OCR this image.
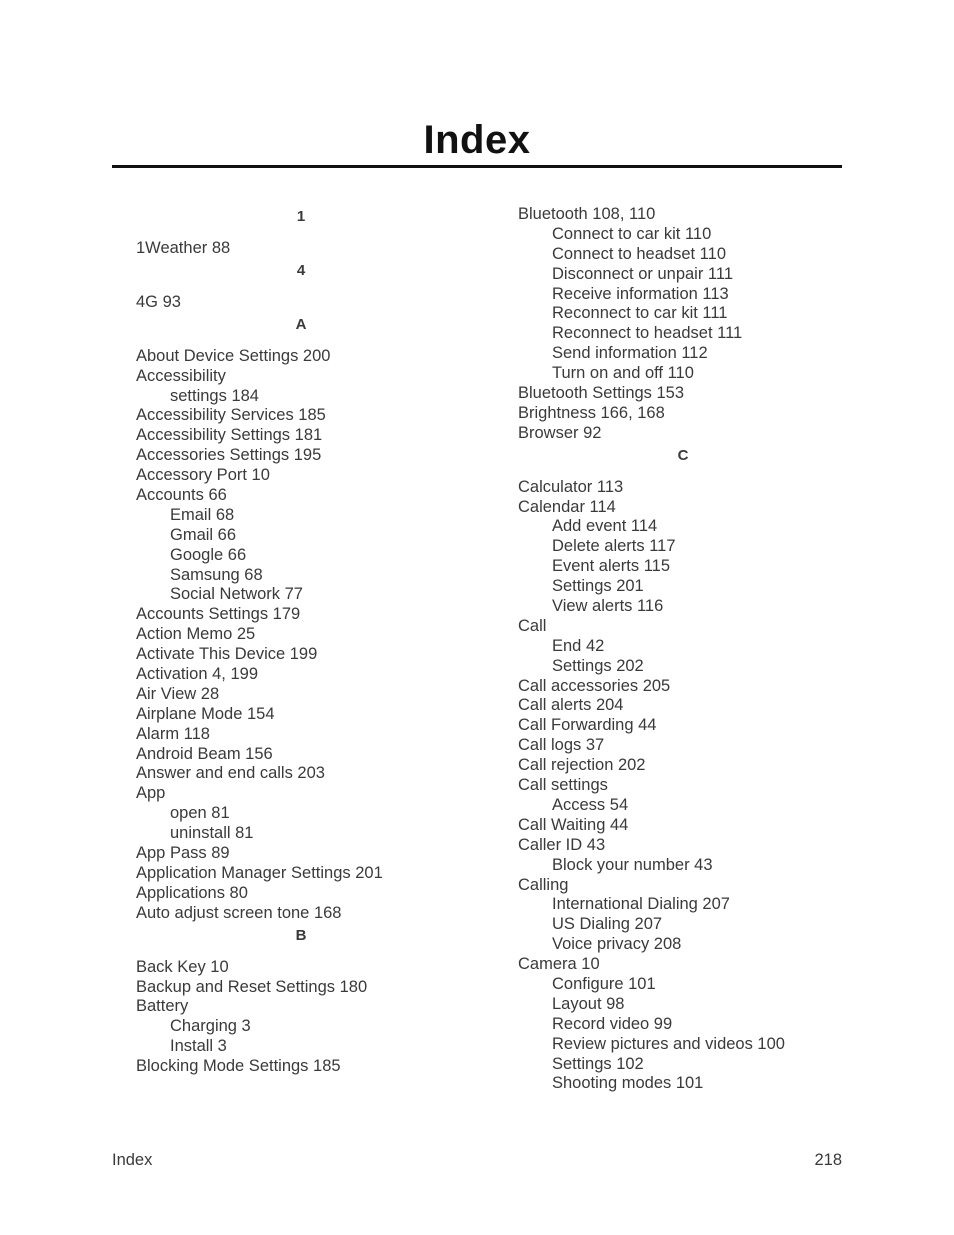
Index
1
1Weather 88
4
4G 93
A
About Device Settings 200
Accessibility
settings 184
Accessibility Services 185
Accessibility Settings 181
Accessories Settings 195
Accessory Port 10
Accounts 66
Email 68
Gmail 66
Google 66
Samsung 68
Social Network 77
Accounts Settings 179
Action Memo 25
Activate This Device 199
Activation 4, 199
Air View 28
Airplane Mode 154
Alarm 118
Android Beam 156
Answer and end calls 203
App
open 81
uninstall 81
App Pass 89
Application Manager Settings 201
Applications 80
Auto adjust screen tone 168
B
Back Key 10
Backup and Reset Settings 180
Battery
Charging 3
Install 3
Blocking Mode Settings 185
Bluetooth 108, 110
Connect to car kit 110
Connect to headset 110
Disconnect or unpair 111
Receive information 113
Reconnect to car kit 111
Reconnect to headset 111
Send information 112
Turn on and off 110
Bluetooth Settings 153
Brightness 166, 168
Browser 92
C
Calculator 113
Calendar 114
Add event 114
Delete alerts 117
Event alerts 115
Settings 201
View alerts 116
Call
End 42
Settings 202
Call accessories 205
Call alerts 204
Call Forwarding 44
Call logs 37
Call rejection 202
Call settings
Access 54
Call Waiting 44
Caller ID 43
Block your number 43
Calling
International Dialing 207
US Dialing 207
Voice privacy 208
Camera 10
Configure 101
Layout 98
Record video 99
Review pictures and videos 100
Settings 102
Shooting modes 101
Index	218
